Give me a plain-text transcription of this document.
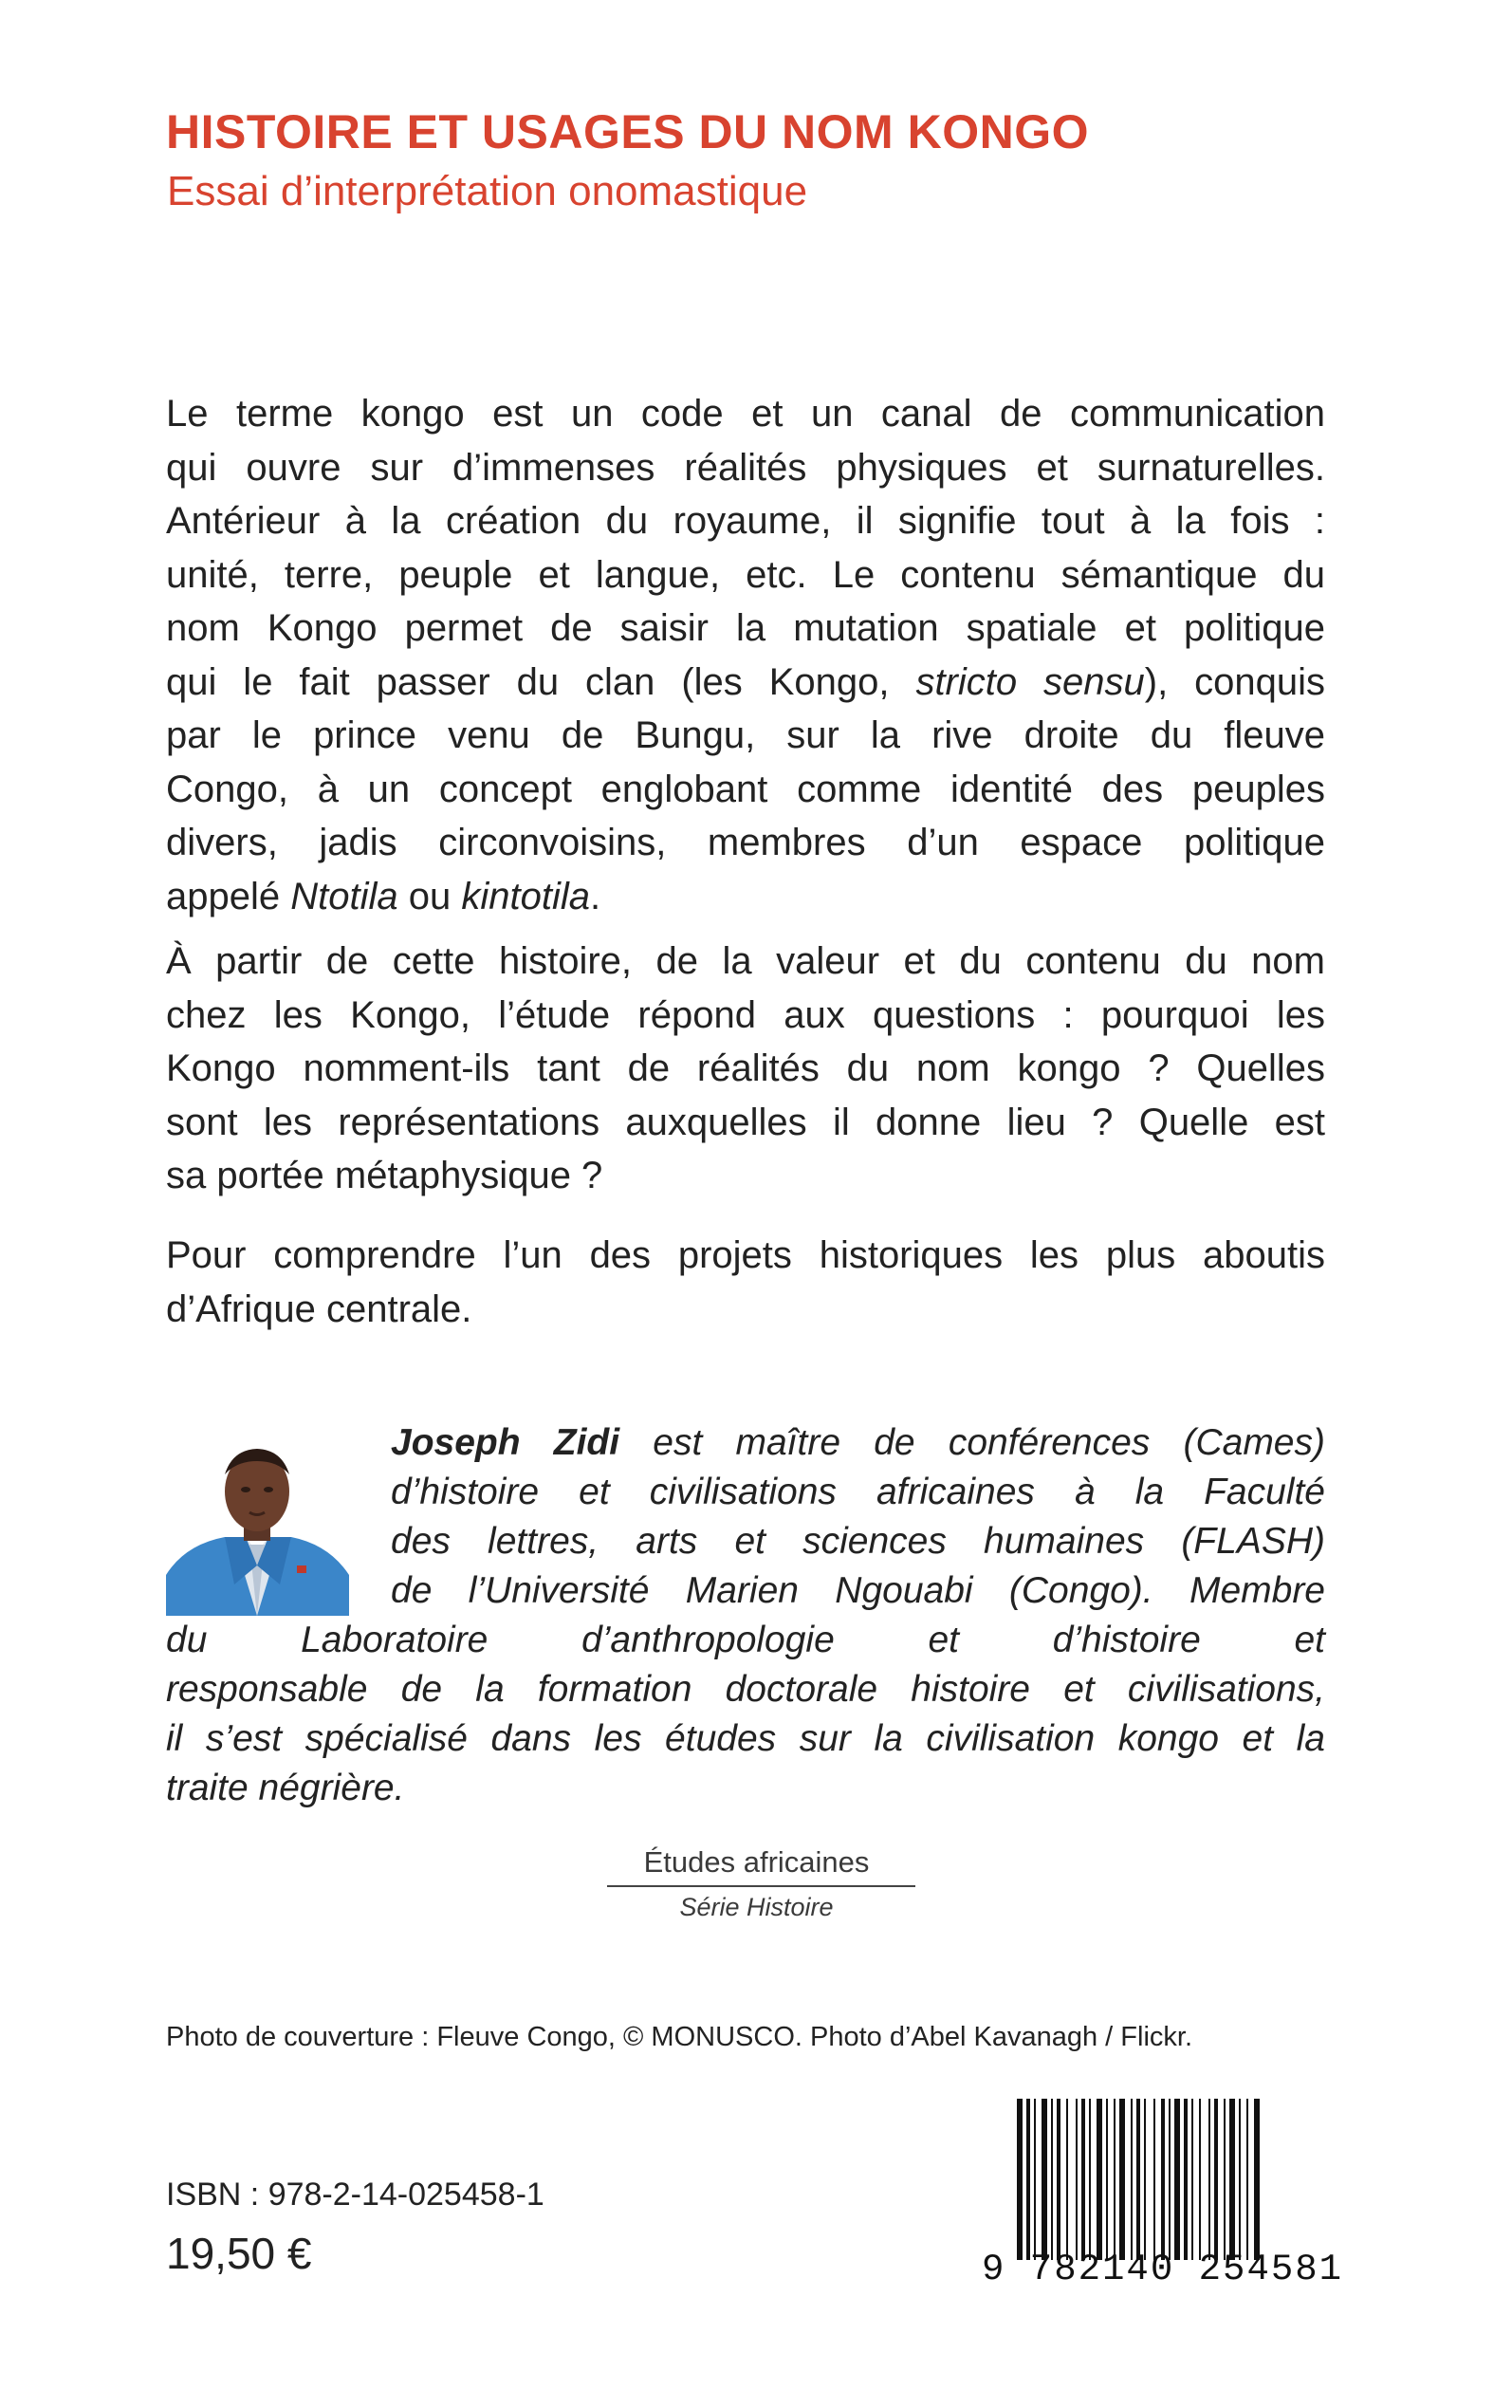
HISTOIRE ET USAGES DU NOM KONGO
Essai d’interprétation onomastique
Le terme kongo est un code et un canal de communication
qui ouvre sur d’immenses réalités physiques et surnaturelles.
Antérieur à la création du royaume, il signifie tout à la fois :
unité, terre, peuple et langue, etc. Le contenu sémantique du
nom Kongo permet de saisir la mutation spatiale et politique
qui le fait passer du clan (les Kongo, stricto sensu), conquis
par le prince venu de Bungu, sur la rive droite du fleuve
Congo, à un concept englobant comme identité des peuples
divers, jadis circonvoisins, membres d’un espace politique
appelé Ntotila ou kintotila.
À partir de cette histoire, de la valeur et du contenu du nom
chez les Kongo, l’étude répond aux questions : pourquoi les
Kongo nomment-ils tant de réalités du nom kongo ? Quelles
sont les représentations auxquelles il donne lieu ? Quelle est
sa portée métaphysique ?
Pour comprendre l’un des projets historiques les plus aboutis
d’Afrique centrale.
Joseph Zidi est maître de conférences (Cames)
d’histoire et civilisations africaines à la Faculté
des lettres, arts et sciences humaines (FLASH)
de l’Université Marien Ngouabi (Congo). Membre
du Laboratoire d’anthropologie et d’histoire et
responsable de la formation doctorale histoire et civilisations,
il s’est spécialisé dans les études sur la civilisation kongo et la
traite négrière.
Études africaines
Série Histoire
Photo de couverture : Fleuve Congo, © MONUSCO. Photo d’Abel Kavanagh / Flickr.
ISBN : 978-2-14-025458-1
19,50 €	9 782140 254581
